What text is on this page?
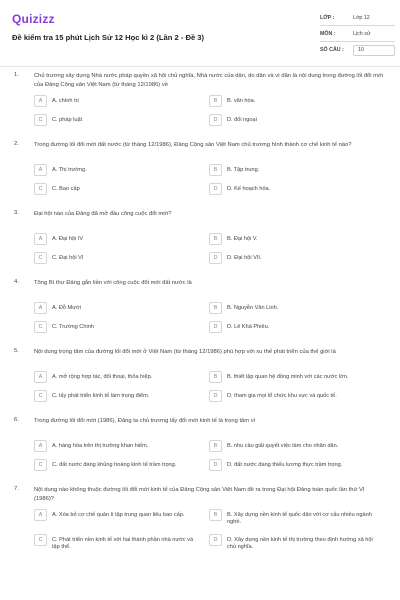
Quizizz
Đề kiểm tra 15 phút Lịch Sử 12 Học kì 2 (Lần 2 - Đề 3)
LỚP :	Lớp 12
MÔN :	Lịch sử
SỐ CÂU :	10
1.	Chủ trương xây dựng Nhà nước pháp quyền xã hội chủ nghĩa, Nhà nước của dân, do dân và vì dân là nội dung trong đường lối đổi mới của Đảng Cộng sản Việt Nam (từ tháng 12/1986) về
A	A. chính trị	B	B. văn hóa.
C	C. pháp luật	D	D. đối ngoại
2.	Trong đường lối đổi mới đất nước (từ tháng 12/1986), Đảng Cộng sản Việt Nam chủ trương hình thành cơ chế kinh tế nào?
A	A. Thị trường.	B	B. Tập trung.
C	C. Bao cấp	D	D. Kế hoạch hóa.
3.	Đại hội nào của Đảng đã mở đầu công cuộc đổi mới?
A	A. Đại hội IV	B	B. Đại hội V.
C	C. Đại hội VI	D	D. Đại hội VII.
4.	Tổng Bí thư Đảng gắn liền với công cuộc đổi mới đất nước là
A	A. Đỗ Mười	B	B. Nguyễn Văn Linh.
C	C. Trường Chinh	D	D. Lê Khả Phiêu.
5.	Nội dung trọng tâm của đường lối đổi mới ở Việt Nam (từ tháng 12/1986) phù hợp với xu thế phát triển của thế giới là
A	A. mở rộng hợp tác, đối thoại, thỏa hiệp.	B	B. thiết lập quan hệ đồng minh với các nước lớn.
C	C. lấy phát triển kinh tế làm trọng điểm.	D	D. tham gia mọi tổ chức khu vực và quốc tế.
6.	Trong đường lối đổi mới (1986), Đảng ta chủ trương lấy đổi mới kinh tế là trọng tâm vì
A	A. hàng hóa trên thị trường khan hiếm.	B	B. nhu cầu giải quyết việc làm cho nhân dân.
C	C. đất nước đang khủng hoảng kinh tế trầm trọng.	D	D. đất nước đang thiếu lương thực trầm trọng.
7.	Nội dung nào không thuộc đường lối đổi mới kinh tế của Đảng Cộng sản Việt Nam đề ra trong Đại hội Đảng toàn quốc lần thứ VI (1986)?
A	A. Xóa bỏ cơ chế quản lí tập trung quan liêu bao cấp.	B	B. Xây dựng nền kinh tế quốc dân với cơ cấu nhiều ngành nghề.
C	C. Phát triển nền kinh tế với hai thành phần nhà nước và tập thể.
D	D. Xây dựng nền kinh tế thị trường theo định hướng xã hội chủ nghĩa.
